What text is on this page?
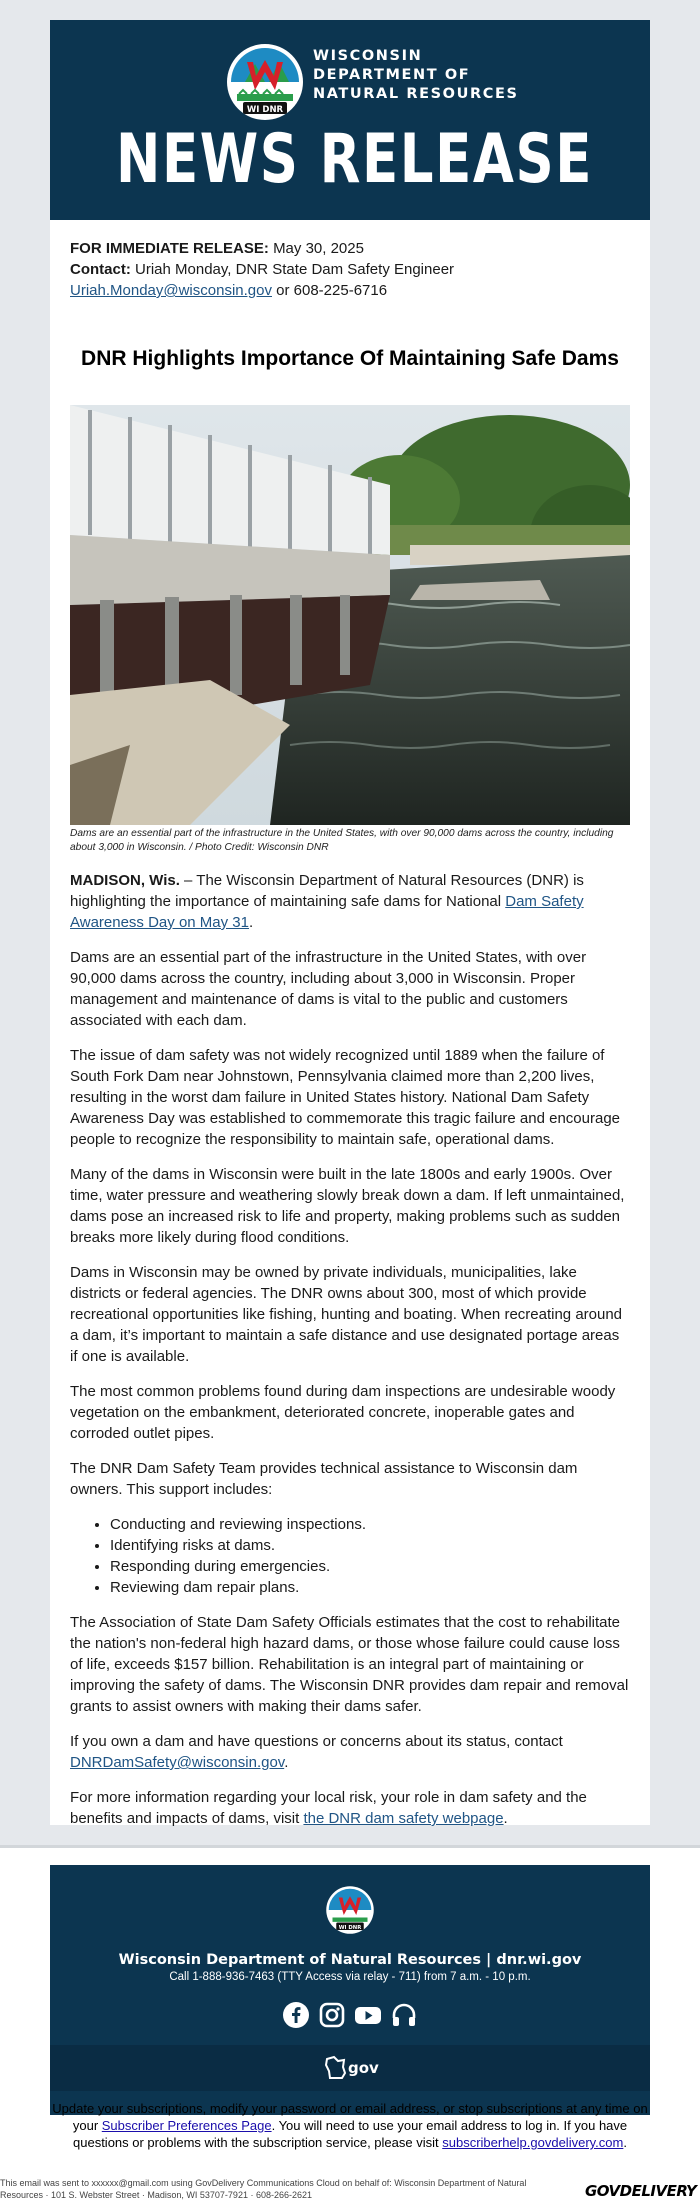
WI DNR
WISCONSIN
DEPARTMENT OF
NATURAL RESOURCES
NEWS RELEASE

FOR IMMEDIATE RELEASE: May 30, 2025

Contact: Uriah Monday, DNR State Dam Safety Engineer

Uriah.Monday@wisconsin.gov or 608-225-6716

DNR Highlights Importance Of Maintaining Safe Dams
Dams are an essential part of the infrastructure in the United States, with over 90,000 dams across the country, including about 3,000 in Wisconsin. / Photo Credit: Wisconsin DNR

MADISON, Wis. – The Wisconsin Department of Natural Resources (DNR) is highlighting the importance of maintaining safe dams for National Dam Safety Awareness Day on May 31.

Dams are an essential part of the infrastructure in the United States, with over 90,000 dams across the country, including about 3,000 in Wisconsin. Proper management and maintenance of dams is vital to the public and customers associated with each dam.

The issue of dam safety was not widely recognized until 1889 when the failure of South Fork Dam near Johnstown, Pennsylvania claimed more than 2,200 lives, resulting in the worst dam failure in United States history. National Dam Safety Awareness Day was established to commemorate this tragic failure and encourage people to recognize the responsibility to maintain safe, operational dams.

Many of the dams in Wisconsin were built in the late 1800s and early 1900s. Over time, water pressure and weathering slowly break down a dam. If left unmaintained, dams pose an increased risk to life and property, making problems such as sudden breaks more likely during flood conditions.

Dams in Wisconsin may be owned by private individuals, municipalities, lake districts or federal agencies. The DNR owns about 300, most of which provide recreational opportunities like fishing, hunting and boating. When recreating around a dam, it’s important to maintain a safe distance and use designated portage areas if one is available.

The most common problems found during dam inspections are undesirable woody vegetation on the embankment, deteriorated concrete, inoperable gates and corroded outlet pipes.

The DNR Dam Safety Team provides technical assistance to Wisconsin dam owners. This support includes:

• Conducting and reviewing inspections.
• Identifying risks at dams.
• Responding during emergencies.
• Reviewing dam repair plans.

The Association of State Dam Safety Officials estimates that the cost to rehabilitate the nation's non-federal high hazard dams, or those whose failure could cause loss of life, exceeds $157 billion. Rehabilitation is an integral part of maintaining or improving the safety of dams. The Wisconsin DNR provides dam repair and removal grants to assist owners with making their dams safer.

If you own a dam and have questions or concerns about its status, contact DNRDamSafety@wisconsin.gov.

For more information regarding your local risk, your role in dam safety and the benefits and impacts of dams, visit the DNR dam safety webpage.

WI DNR
Wisconsin Department of Natural Resources | dnr.wi.gov
Call 1-888-936-7463 (TTY Access via relay - 711) from 7 a.m. - 10 p.m.
gov
Update your subscriptions, modify your password or email address, or stop subscriptions at any time on your Subscriber Preferences Page. You will need to use your email address to log in. If you have questions or problems with the subscription service, please visit subscriberhelp.govdelivery.com.
This email was sent to xxxxxx@gmail.com using GovDelivery Communications Cloud on behalf of: Wisconsin Department of Natural Resources · 101 S. Webster Street · Madison, WI 53707-7921 · 608-266-2621	GOVDELIVERY
